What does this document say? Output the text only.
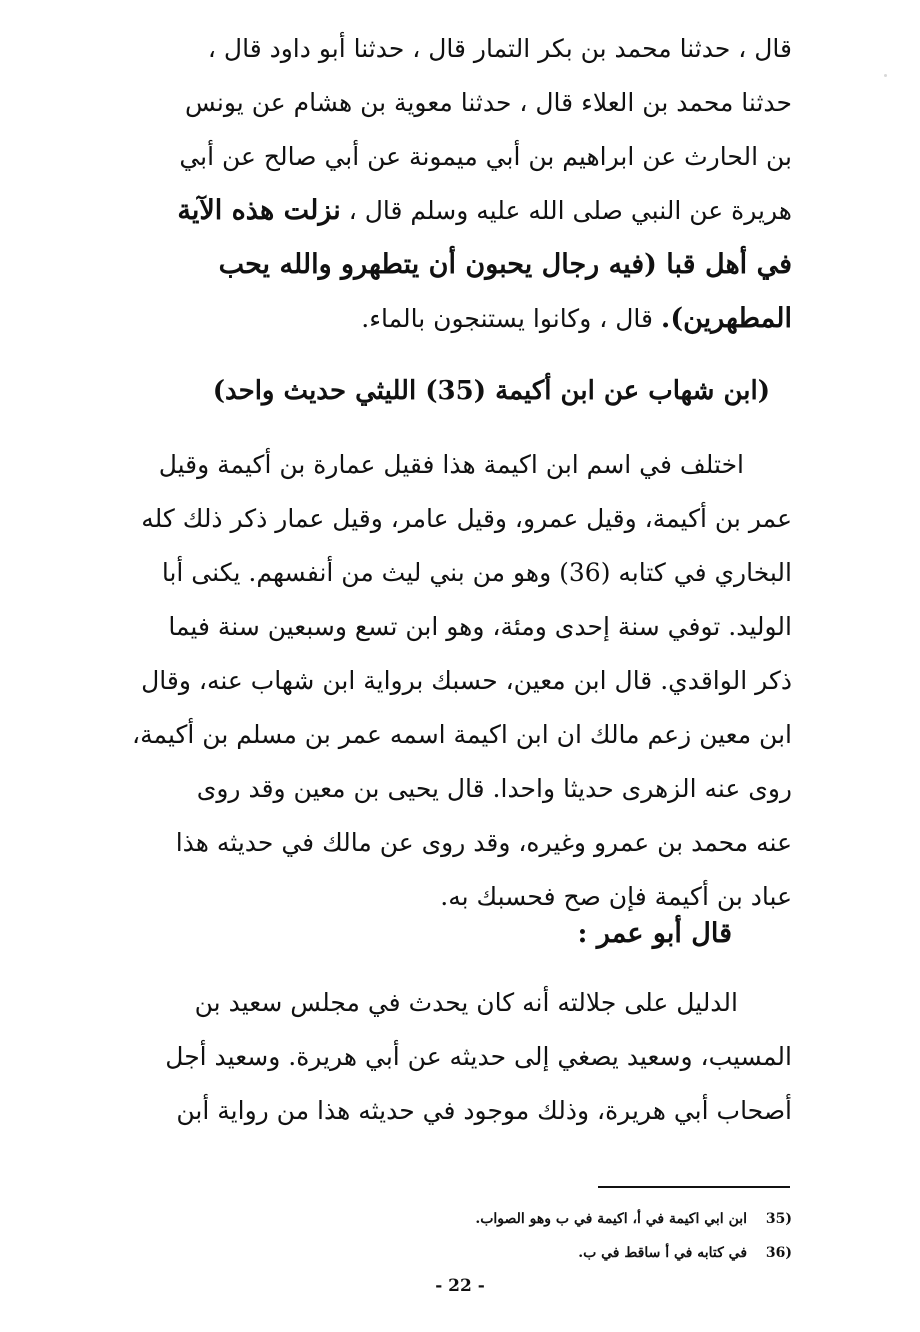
قال ، حدثنا محمد بن بكر التمار قال ، حدثنا أبو داود قال ،
حدثنا محمد بن العلاء قال ، حدثنا معوية بن هشام عن يونس
بن الحارث عن ابراهيم بن أبي ميمونة عن أبي صالح عن أبي
هريرة عن النبي صلى الله عليه وسلم قال ، نزلت هذه الآية
في أهل قبا (فيه رجال يحبون أن يتطهرو والله يحب
المطهرين). قال ، وكانوا يستنجون بالماء.
(ابن شهاب عن ابن أكيمة (35) الليثي حديث واحد)
اختلف في اسم ابن اكيمة هذا فقيل عمارة بن أكيمة وقيل
عمر بن أكيمة، وقيل عمرو، وقيل عامر، وقيل عمار ذكر ذلك كله
البخاري في كتابه (36) وهو من بني ليث من أنفسهم. يكنى أبا
الوليد. توفي سنة إحدى ومئة، وهو ابن تسع وسبعين سنة فيما
ذكر الواقدي. قال ابن معين، حسبك برواية ابن شهاب عنه، وقال
ابن معين زعم مالك ان ابن اكيمة اسمه عمر بن مسلم بن أكيمة،
روى عنه الزهرى حديثا واحدا. قال يحيى بن معين وقد روى
عنه محمد بن عمرو وغيره، وقد روى عن مالك في حديثه هذا
عباد بن أكيمة فإن صح فحسبك به.
قال أبو عمر :
الدليل على جلالته أنه كان يحدث في مجلس سعيد بن
المسيب، وسعيد يصغي إلى حديثه عن أبي هريرة. وسعيد أجل
أصحاب أبي هريرة، وذلك موجود في حديثه هذا من رواية أبن
35) ابن ابي اكيمة في أ، اكيمة في ب وهو الصواب.
36) في كتابه في أ ساقط في ب.
- 22 -
